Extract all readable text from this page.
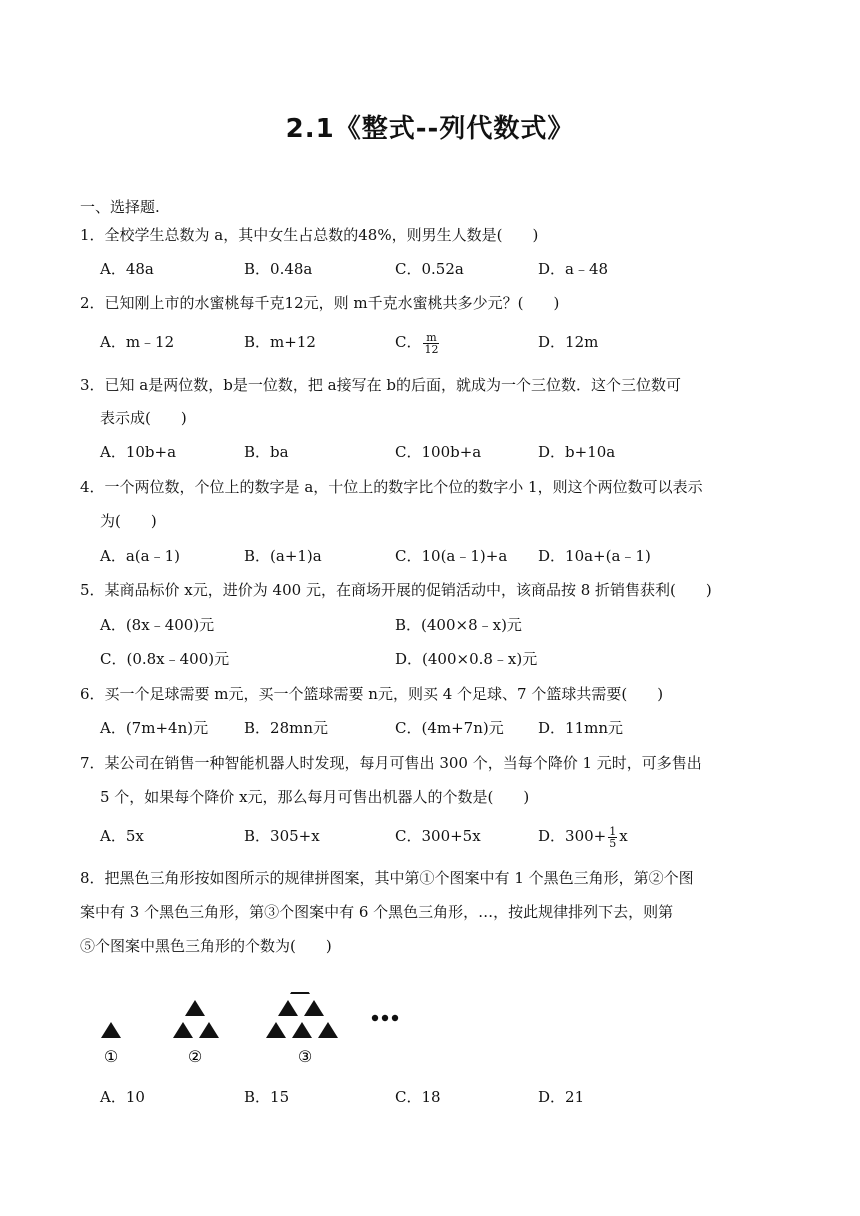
2.1《整式--列代数式》
一、选择题.
1．全校学生总数为 a，其中女生占总数的48%，则男生人数是(　　)
A．48a	B．0.48a	C．0.52a	D．a﹣48
2．已知刚上市的水蜜桃每千克12元，则 m千克水蜜桃共多少元？(　　)
A．m﹣12	B．m+12	C． $\frac{m}{12}$	D．12m
3．已知 a是两位数，b是一位数，把 a接写在 b的后面，就成为一个三位数．这个三位数可
表示成(　　)
A．10b+a	B．ba	C．100b+a	D．b+10a
4．一个两位数，个位上的数字是 a，十位上的数字比个位的数字小 1，则这个两位数可以表示
为(　　)
A．a(a﹣1)	B．(a+1)a	C．10(a﹣1)+a D．10a+(a﹣1)
5．某商品标价 x元，进价为 400 元，在商场开展的促销活动中，该商品按 8 折销售获利(　　)
A．(8x﹣400)元	B．(400×8﹣x)元
C．(0.8x﹣400)元	D．(400×0.8﹣x)元
6．买一个足球需要 m元，买一个篮球需要 n元，则买 4 个足球、7 个篮球共需要(　　)
A．(7m+4n)元 B．28mn元	C．(4m+7n)元 D．11mn元
7．某公司在销售一种智能机器人时发现，每月可售出 300 个，当每个降价 1 元时，可多售出
5 个，如果每个降价 x元，那么每月可售出机器人的个数是(　　)
A．5x	B．305+x	C．300+5x	D．$300+ \frac{1}{5}$ x
8．把黑色三角形按如图所示的规律拼图案，其中第①个图案中有 1 个黑色三角形，第②个图
案中有 3 个黑色三角形，第③个图案中有 6 个黑色三角形，…，按此规律排列下去，则第
⑤个图案中黑色三角形的个数为(　　)
①	②	③
A．10	B．15	C．18	D．21
